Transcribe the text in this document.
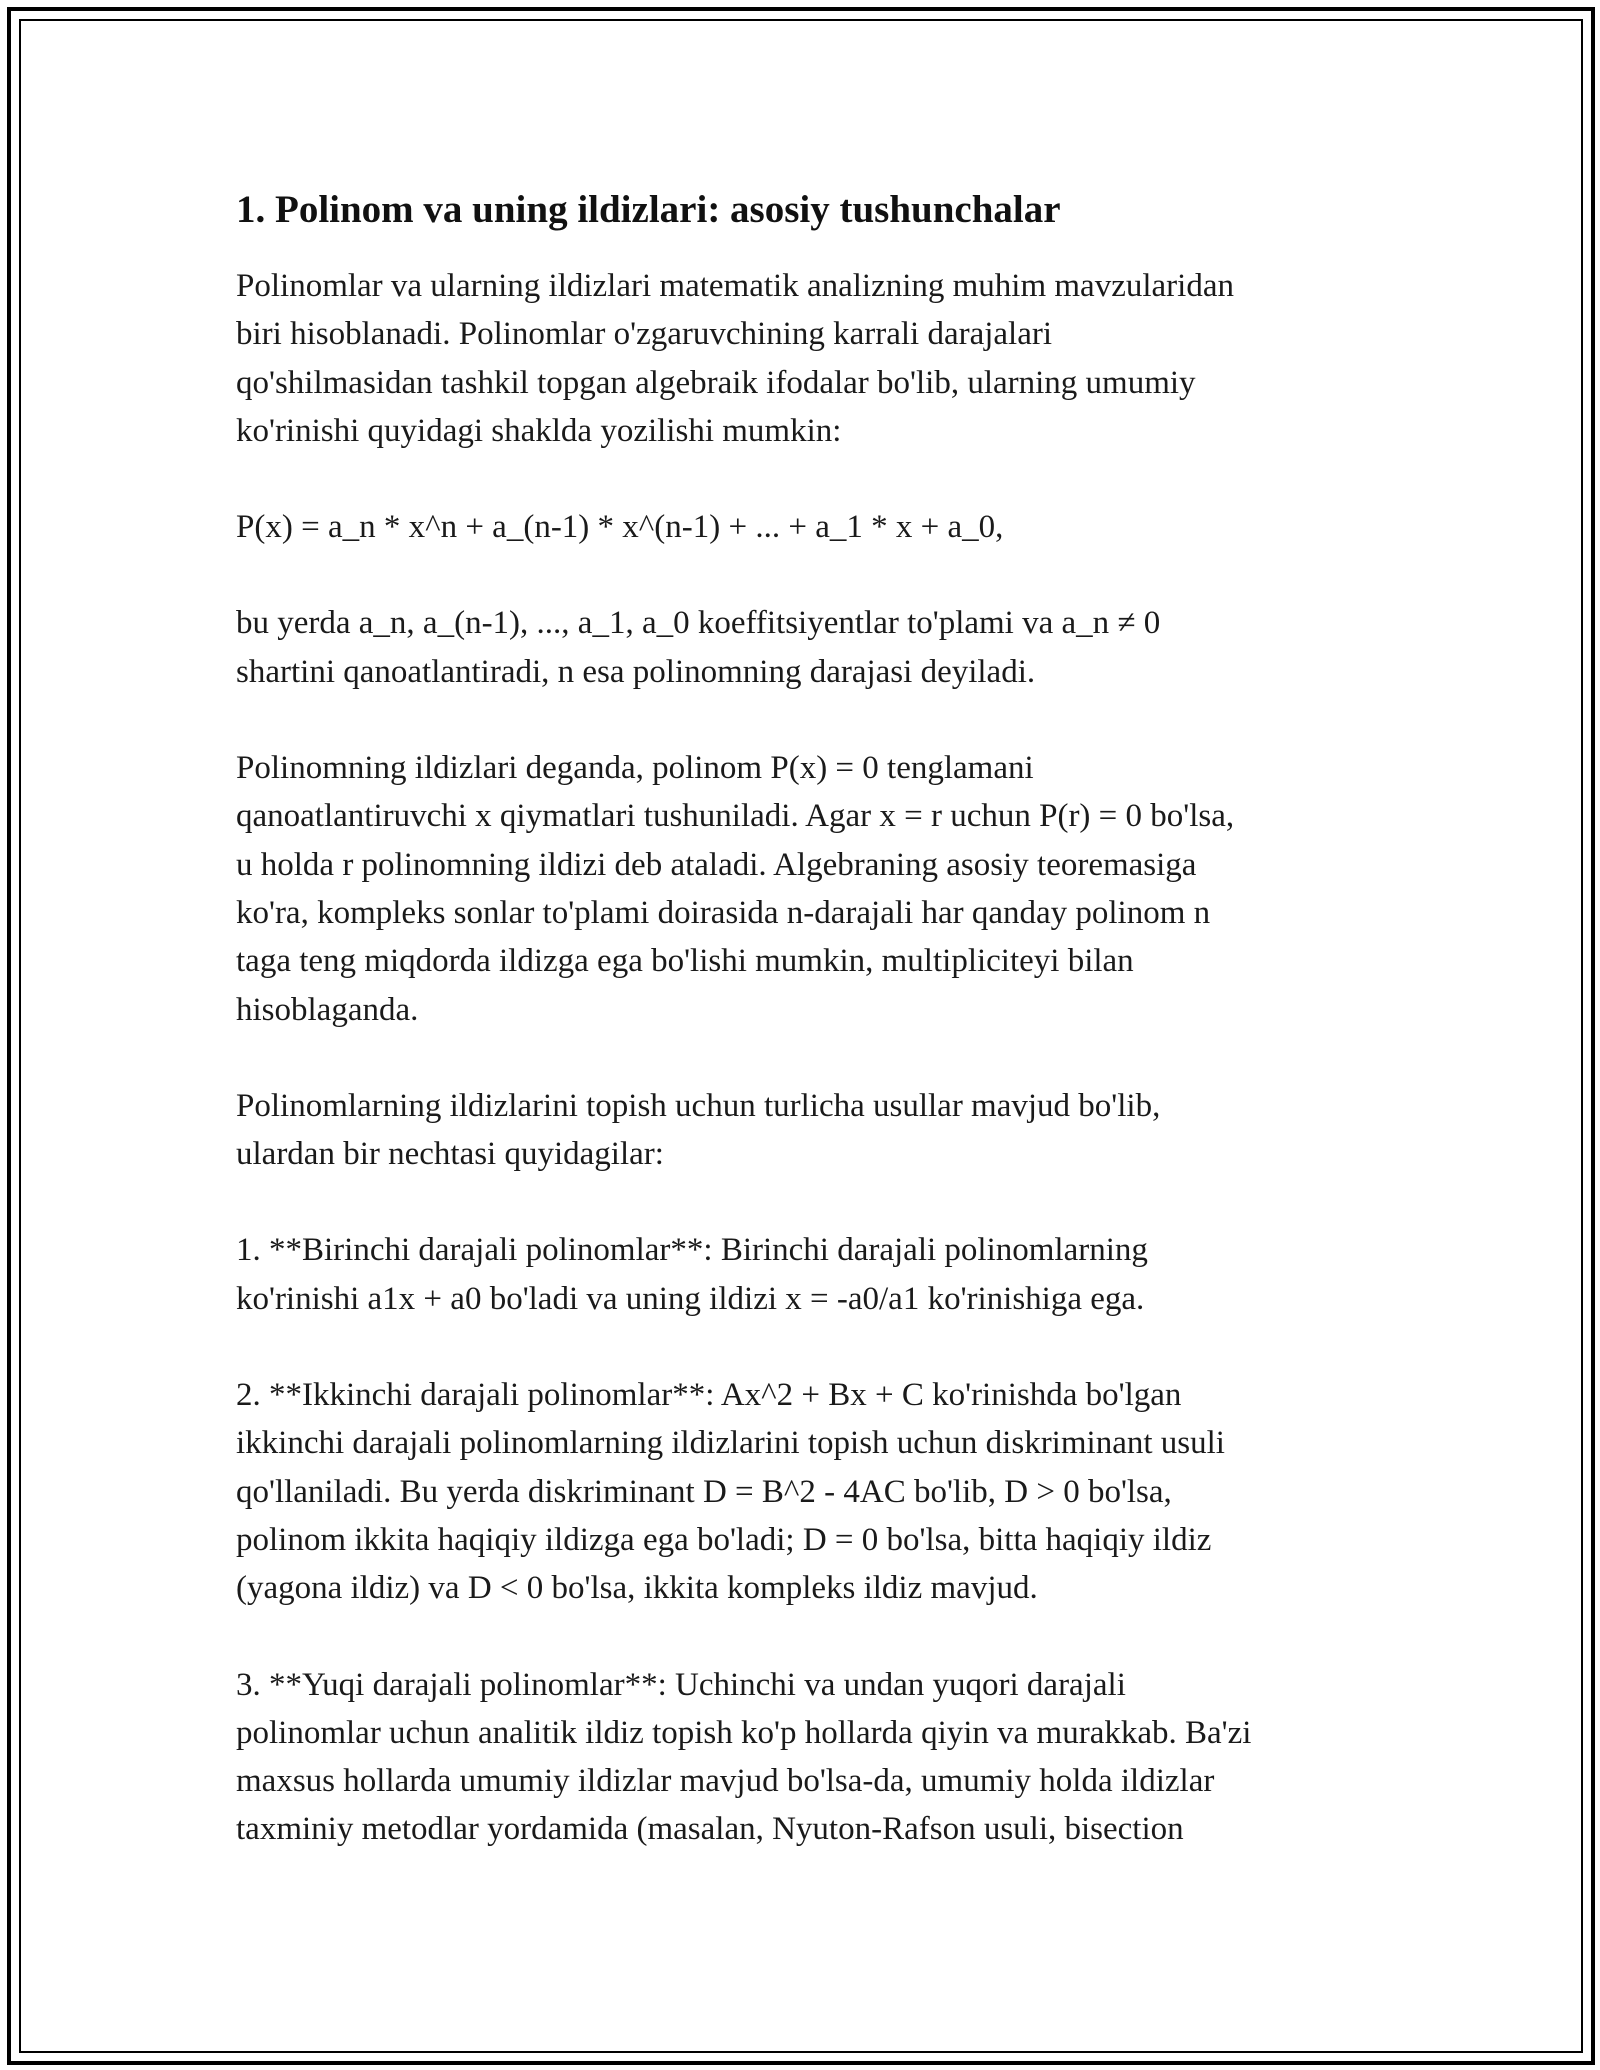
1. Polinom va uning ildizlari: asosiy tushunchalar
Polinomlar va ularning ildizlari matematik analizning muhim mavzularidan
biri hisoblanadi. Polinomlar o'zgaruvchining karrali darajalari
qo'shilmasidan tashkil topgan algebraik ifodalar bo'lib, ularning umumiy
ko'rinishi quyidagi shaklda yozilishi mumkin:
P(x) = a_n * x^n + a_(n-1) * x^(n-1) + ... + a_1 * x + a_0,
bu yerda a_n, a_(n-1), ..., a_1, a_0 koeffitsiyentlar to'plami va a_n ≠ 0
shartini qanoatlantiradi, n esa polinomning darajasi deyiladi.
Polinomning ildizlari deganda, polinom P(x) = 0 tenglamani
qanoatlantiruvchi x qiymatlari tushuniladi. Agar x = r uchun P(r) = 0 bo'lsa,
u holda r polinomning ildizi deb ataladi. Algebraning asosiy teoremasiga
ko'ra, kompleks sonlar to'plami doirasida n-darajali har qanday polinom n
taga teng miqdorda ildizga ega bo'lishi mumkin, multipliciteyi bilan
hisoblaganda.
Polinomlarning ildizlarini topish uchun turlicha usullar mavjud bo'lib,
ulardan bir nechtasi quyidagilar:
1. **Birinchi darajali polinomlar**: Birinchi darajali polinomlarning
ko'rinishi a1x + a0 bo'ladi va uning ildizi x = -a0/a1 ko'rinishiga ega.
2. **Ikkinchi darajali polinomlar**: Ax^2 + Bx + C ko'rinishda bo'lgan
ikkinchi darajali polinomlarning ildizlarini topish uchun diskriminant usuli
qo'llaniladi. Bu yerda diskriminant D = B^2 - 4AC bo'lib, D > 0 bo'lsa,
polinom ikkita haqiqiy ildizga ega bo'ladi; D = 0 bo'lsa, bitta haqiqiy ildiz
(yagona ildiz) va D < 0 bo'lsa, ikkita kompleks ildiz mavjud.
3. **Yuqi darajali polinomlar**: Uchinchi va undan yuqori darajali
polinomlar uchun analitik ildiz topish ko'p hollarda qiyin va murakkab. Ba'zi
maxsus hollarda umumiy ildizlar mavjud bo'lsa-da, umumiy holda ildizlar
taxminiy metodlar yordamida (masalan, Nyuton-Rafson usuli, bisection
